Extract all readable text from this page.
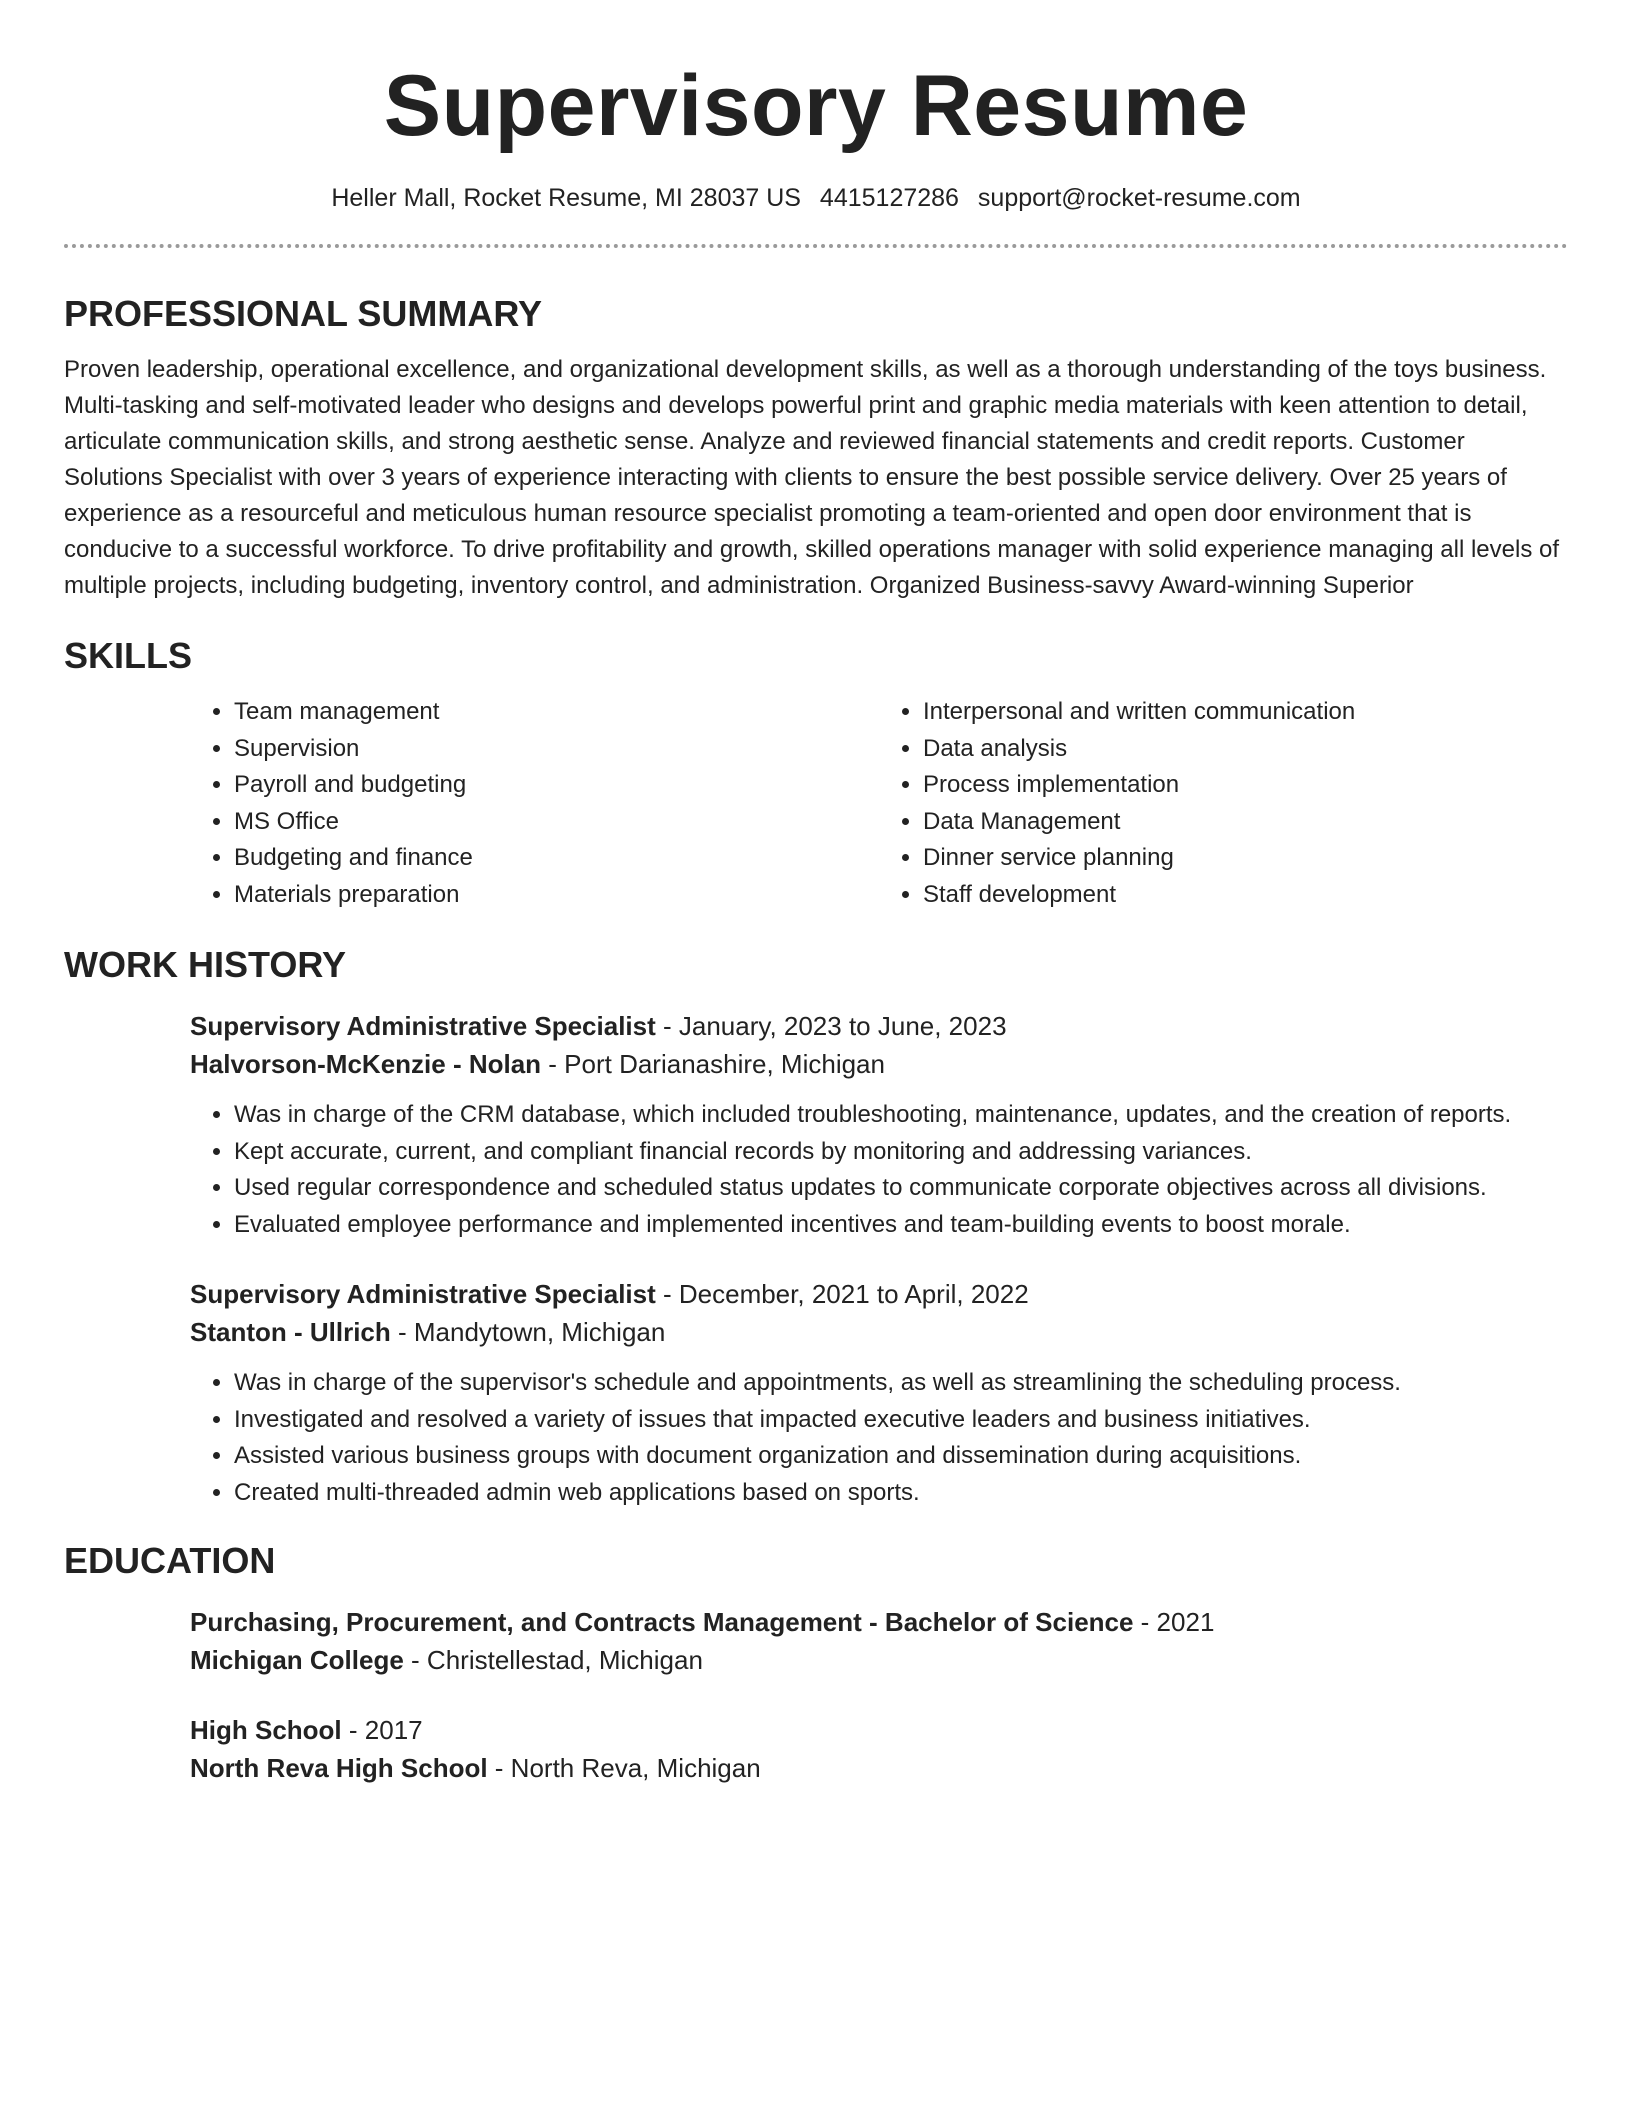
Supervisory Resume
Heller Mall, Rocket Resume, MI 28037 US 4415127286 support@rocket-resume.com
PROFESSIONAL SUMMARY

Proven leadership, operational excellence, and organizational development skills, as well as a thorough understanding of the toys business. Multi-tasking and self-motivated leader who designs and develops powerful print and graphic media materials with keen attention to detail, articulate communication skills, and strong aesthetic sense. Analyze and reviewed financial statements and credit reports. Customer Solutions Specialist with over 3 years of experience interacting with clients to ensure the best possible service delivery. Over 25 years of experience as a resourceful and meticulous human resource specialist promoting a team-oriented and open door environment that is conducive to a successful workforce. To drive profitability and growth, skilled operations manager with solid experience managing all levels of multiple projects, including budgeting, inventory control, and administration. Organized Business-savvy Award-winning Superior

SKILLS
• Team management
• Supervision
• Payroll and budgeting
• MS Office
• Budgeting and finance
• Materials preparation
• Interpersonal and written communication
• Data analysis
• Process implementation
• Data Management
• Dinner service planning
• Staff development
WORK HISTORY
Supervisory Administrative Specialist - January, 2023 to June, 2023
Halvorson-McKenzie - Nolan - Port Darianashire, Michigan
• Was in charge of the CRM database, which included troubleshooting, maintenance, updates, and the creation of reports.
• Kept accurate, current, and compliant financial records by monitoring and addressing variances.
• Used regular correspondence and scheduled status updates to communicate corporate objectives across all divisions.
• Evaluated employee performance and implemented incentives and team-building events to boost morale.
Supervisory Administrative Specialist - December, 2021 to April, 2022
Stanton - Ullrich - Mandytown, Michigan
• Was in charge of the supervisor's schedule and appointments, as well as streamlining the scheduling process.
• Investigated and resolved a variety of issues that impacted executive leaders and business initiatives.
• Assisted various business groups with document organization and dissemination during acquisitions.
• Created multi-threaded admin web applications based on sports.
EDUCATION
Purchasing, Procurement, and Contracts Management - Bachelor of Science - 2021
Michigan College - Christellestad, Michigan
High School - 2017
North Reva High School - North Reva, Michigan
